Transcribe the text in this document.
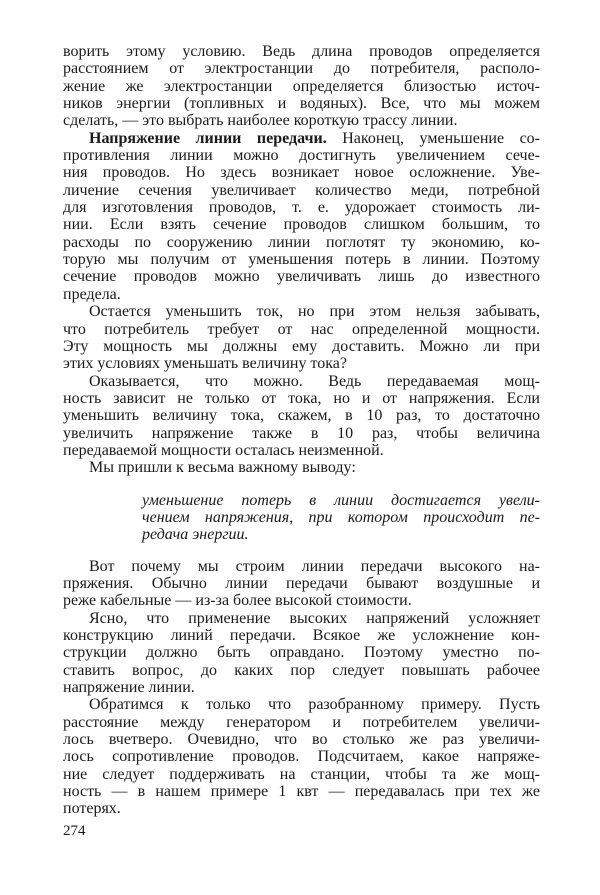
ворить этому условию. Ведь длина проводов определяется
расстоянием от электростанции до потребителя, располо-
жение же электростанции определяется близостью источ-
ников энергии (топливных и водяных). Все, что мы можем
сделать, — это выбрать наиболее короткую трассу линии.
Напряжение линии передачи. Наконец, уменьшение со-
противления линии можно достигнуть увеличением сече-
ния проводов. Но здесь возникает новое осложнение. Уве-
личение сечения увеличивает количество меди, потребной
для изготовления проводов, т. е. удорожает стоимость ли-
нии. Если взять сечение проводов слишком большим, то
расходы по сооружению линии поглотят ту экономию, ко-
торую мы получим от уменьшения потерь в линии. Поэтому
сечение проводов можно увеличивать лишь до известного
предела.
Остается уменьшить ток, но при этом нельзя забывать,
что потребитель требует от нас определенной мощности.
Эту мощность мы должны ему доставить. Можно ли при
этих условиях уменьшать величину тока?
Оказывается, что можно. Ведь передаваемая мощ-
ность зависит не только от тока, но и от напряжения. Если
уменьшить величину тока, скажем, в 10 раз, то достаточно
увеличить напряжение также в 10 раз, чтобы величина
передаваемой мощности осталась неизменной.
Мы пришли к весьма важному выводу:
уменьшение потерь в линии достигается увели-
чением напряжения, при котором происходит пе-
редача энергии.
Вот почему мы строим линии передачи высокого на-
пряжения. Обычно линии передачи бывают воздушные и
реже кабельные — из-за более высокой стоимости.
Ясно, что применение высоких напряжений усложняет
конструкцию линий передачи. Всякое же усложнение кон-
струкции должно быть оправдано. Поэтому уместно по-
ставить вопрос, до каких пор следует повышать рабочее
напряжение линии.
Обратимся к только что разобранному примеру. Пусть
расстояние между генератором и потребителем увеличи-
лось вчетверо. Очевидно, что во столько же раз увеличи-
лось сопротивление проводов. Подсчитаем, какое напряже-
ние следует поддерживать на станции, чтобы та же мощ-
ность — в нашем примере 1 квт — передавалась при тех же
потерях.
274
